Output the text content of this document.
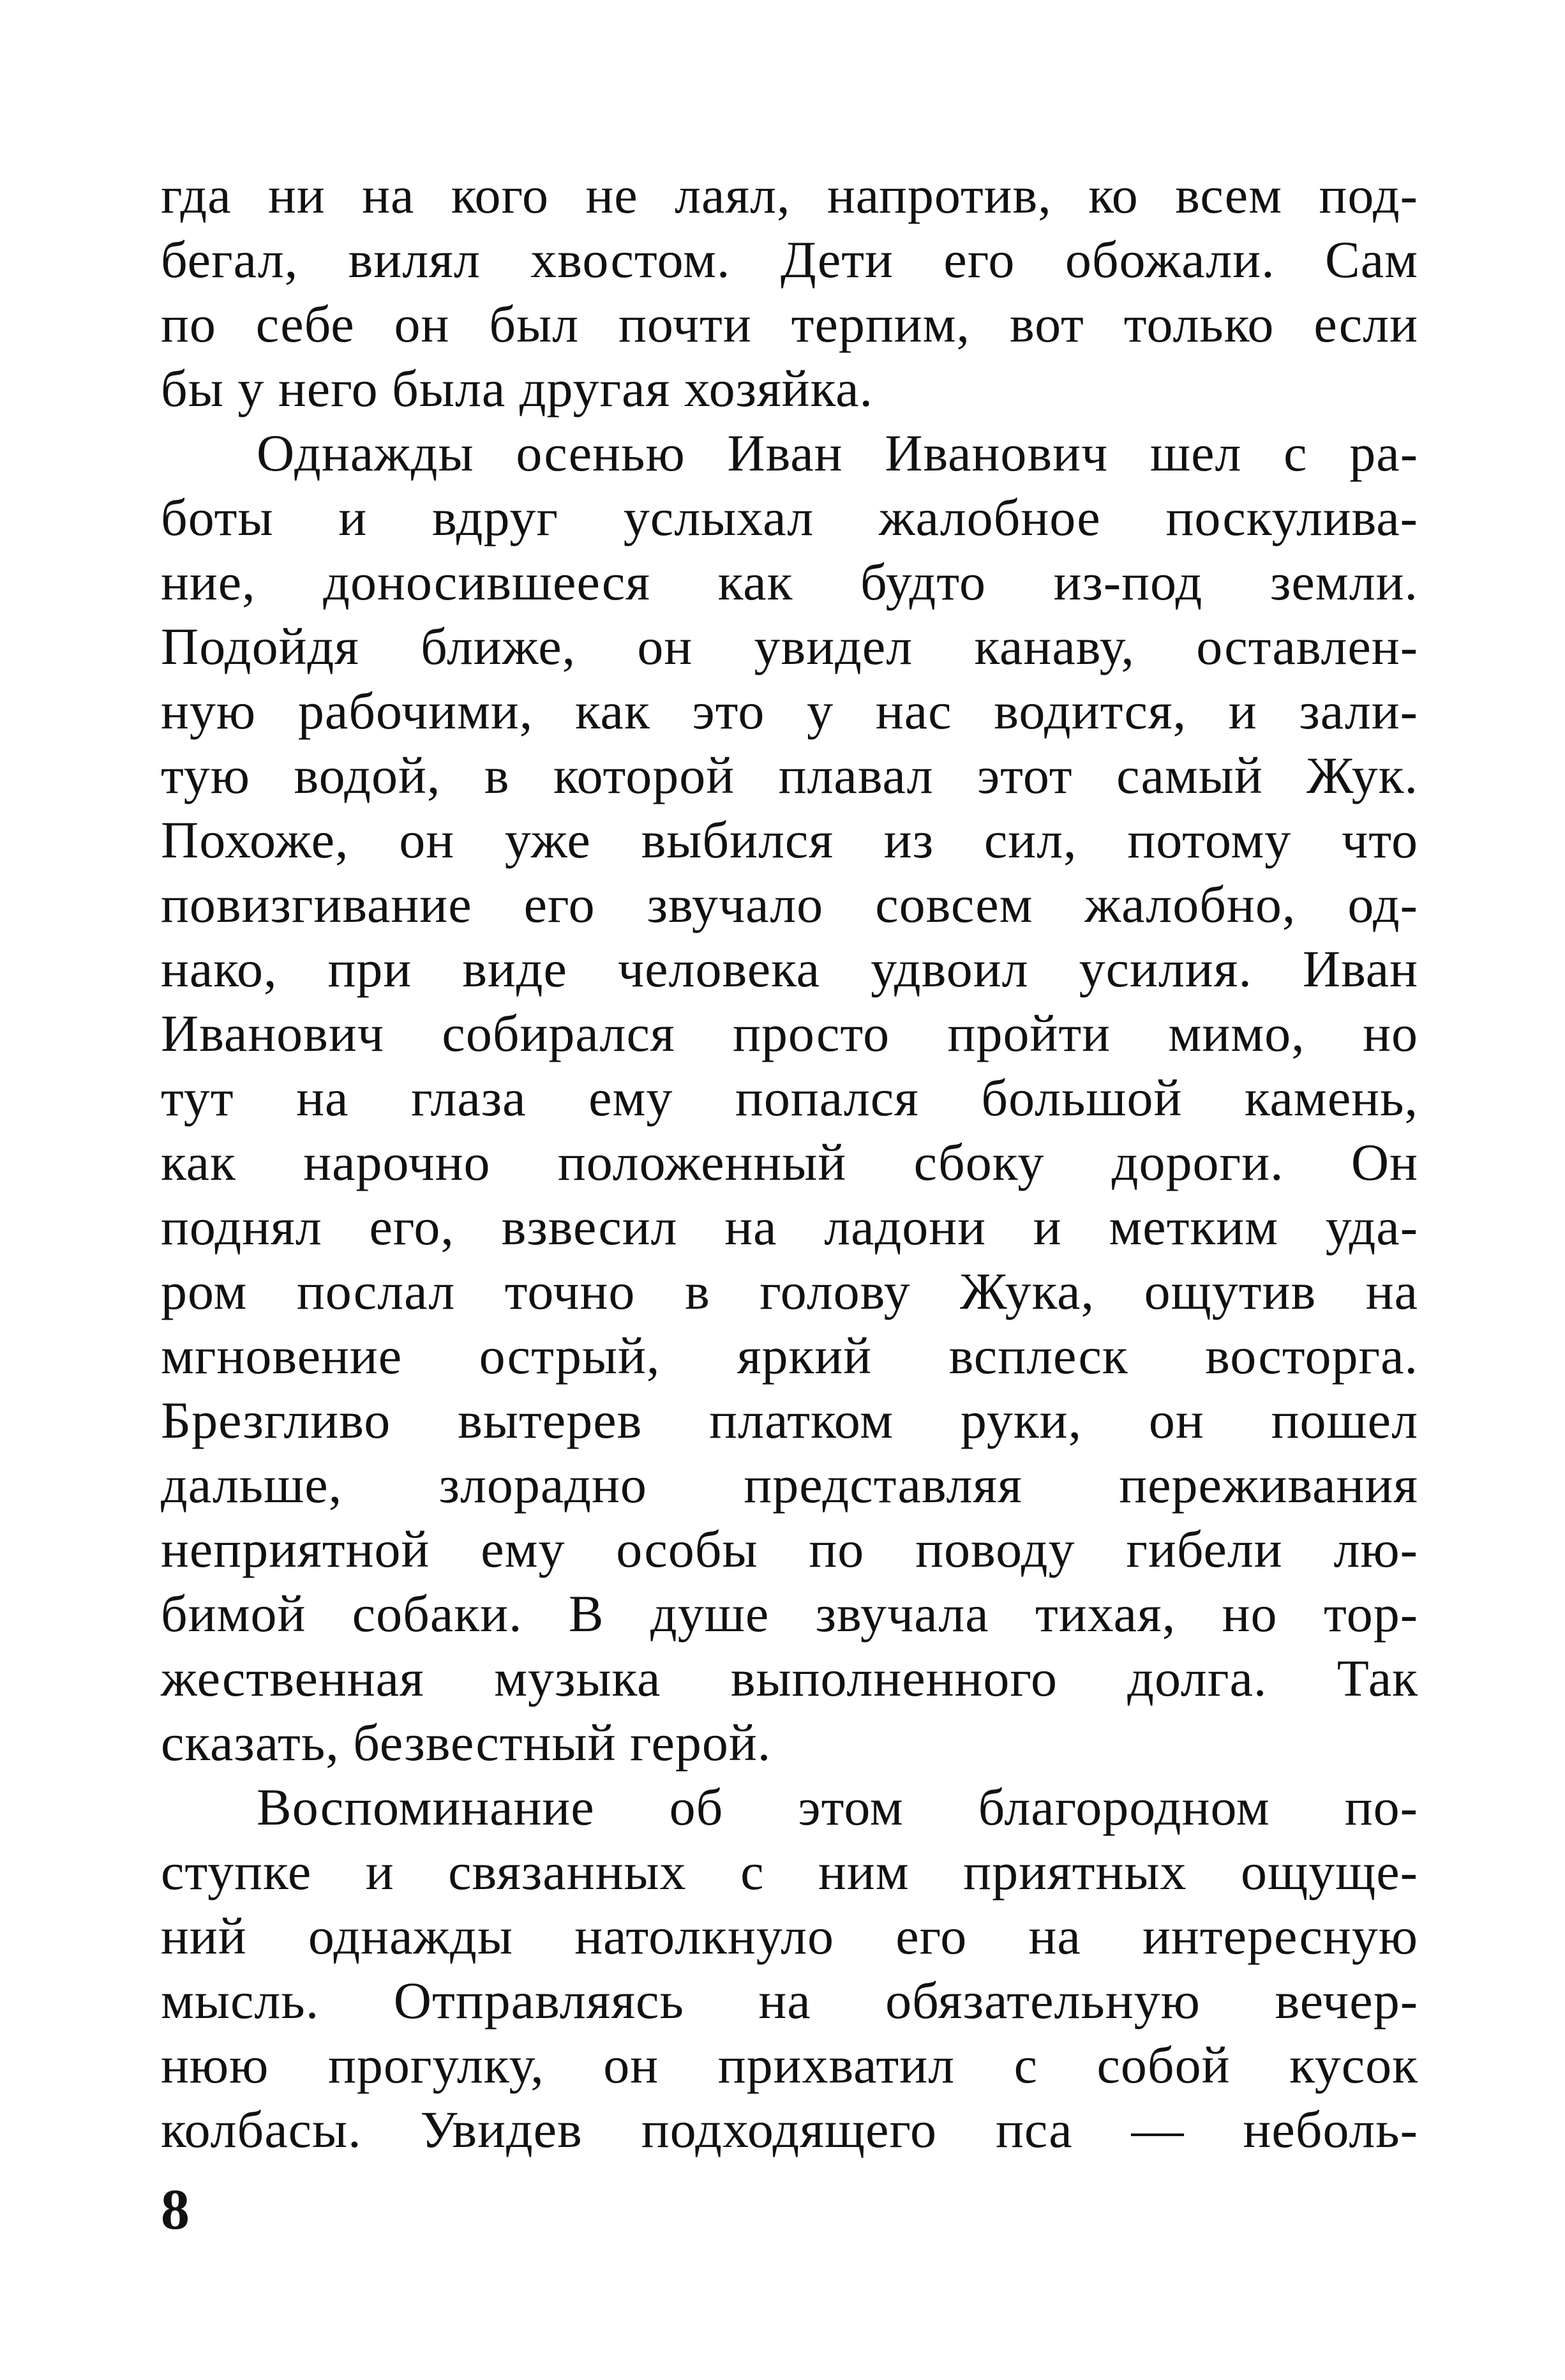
гда ни на кого не лаял, напротив, ко всем под-
бегал, вилял хвостом. Дети его обожали. Сам
по себе он был почти терпим, вот только если
бы у него была другая хозяйка.
Однажды осенью Иван Иванович шел с ра-
боты и вдруг услыхал жалобное поскулива-
ние, доносившееся как будто из-под земли.
Подойдя ближе, он увидел канаву, оставлен-
ную рабочими, как это у нас водится, и зали-
тую водой, в которой плавал этот самый Жук.
Похоже, он уже выбился из сил, потому что
повизгивание его звучало совсем жалобно, од-
нако, при виде человека удвоил усилия. Иван
Иванович собирался просто пройти мимо, но
тут на глаза ему попался большой камень,
как нарочно положенный сбоку дороги. Он
поднял его, взвесил на ладони и метким уда-
ром послал точно в голову Жука, ощутив на
мгновение острый, яркий всплеск восторга.
Брезгливо вытерев платком руки, он пошел
дальше, злорадно представляя переживания
неприятной ему особы по поводу гибели лю-
бимой собаки. В душе звучала тихая, но тор-
жественная музыка выполненного долга. Так
сказать, безвестный герой.
Воспоминание об этом благородном по-
ступке и связанных с ним приятных ощуще-
ний однажды натолкнуло его на интересную
мысль. Отправляясь на обязательную вечер-
нюю прогулку, он прихватил с собой кусок
колбасы. Увидев подходящего пса — неболь-
8
